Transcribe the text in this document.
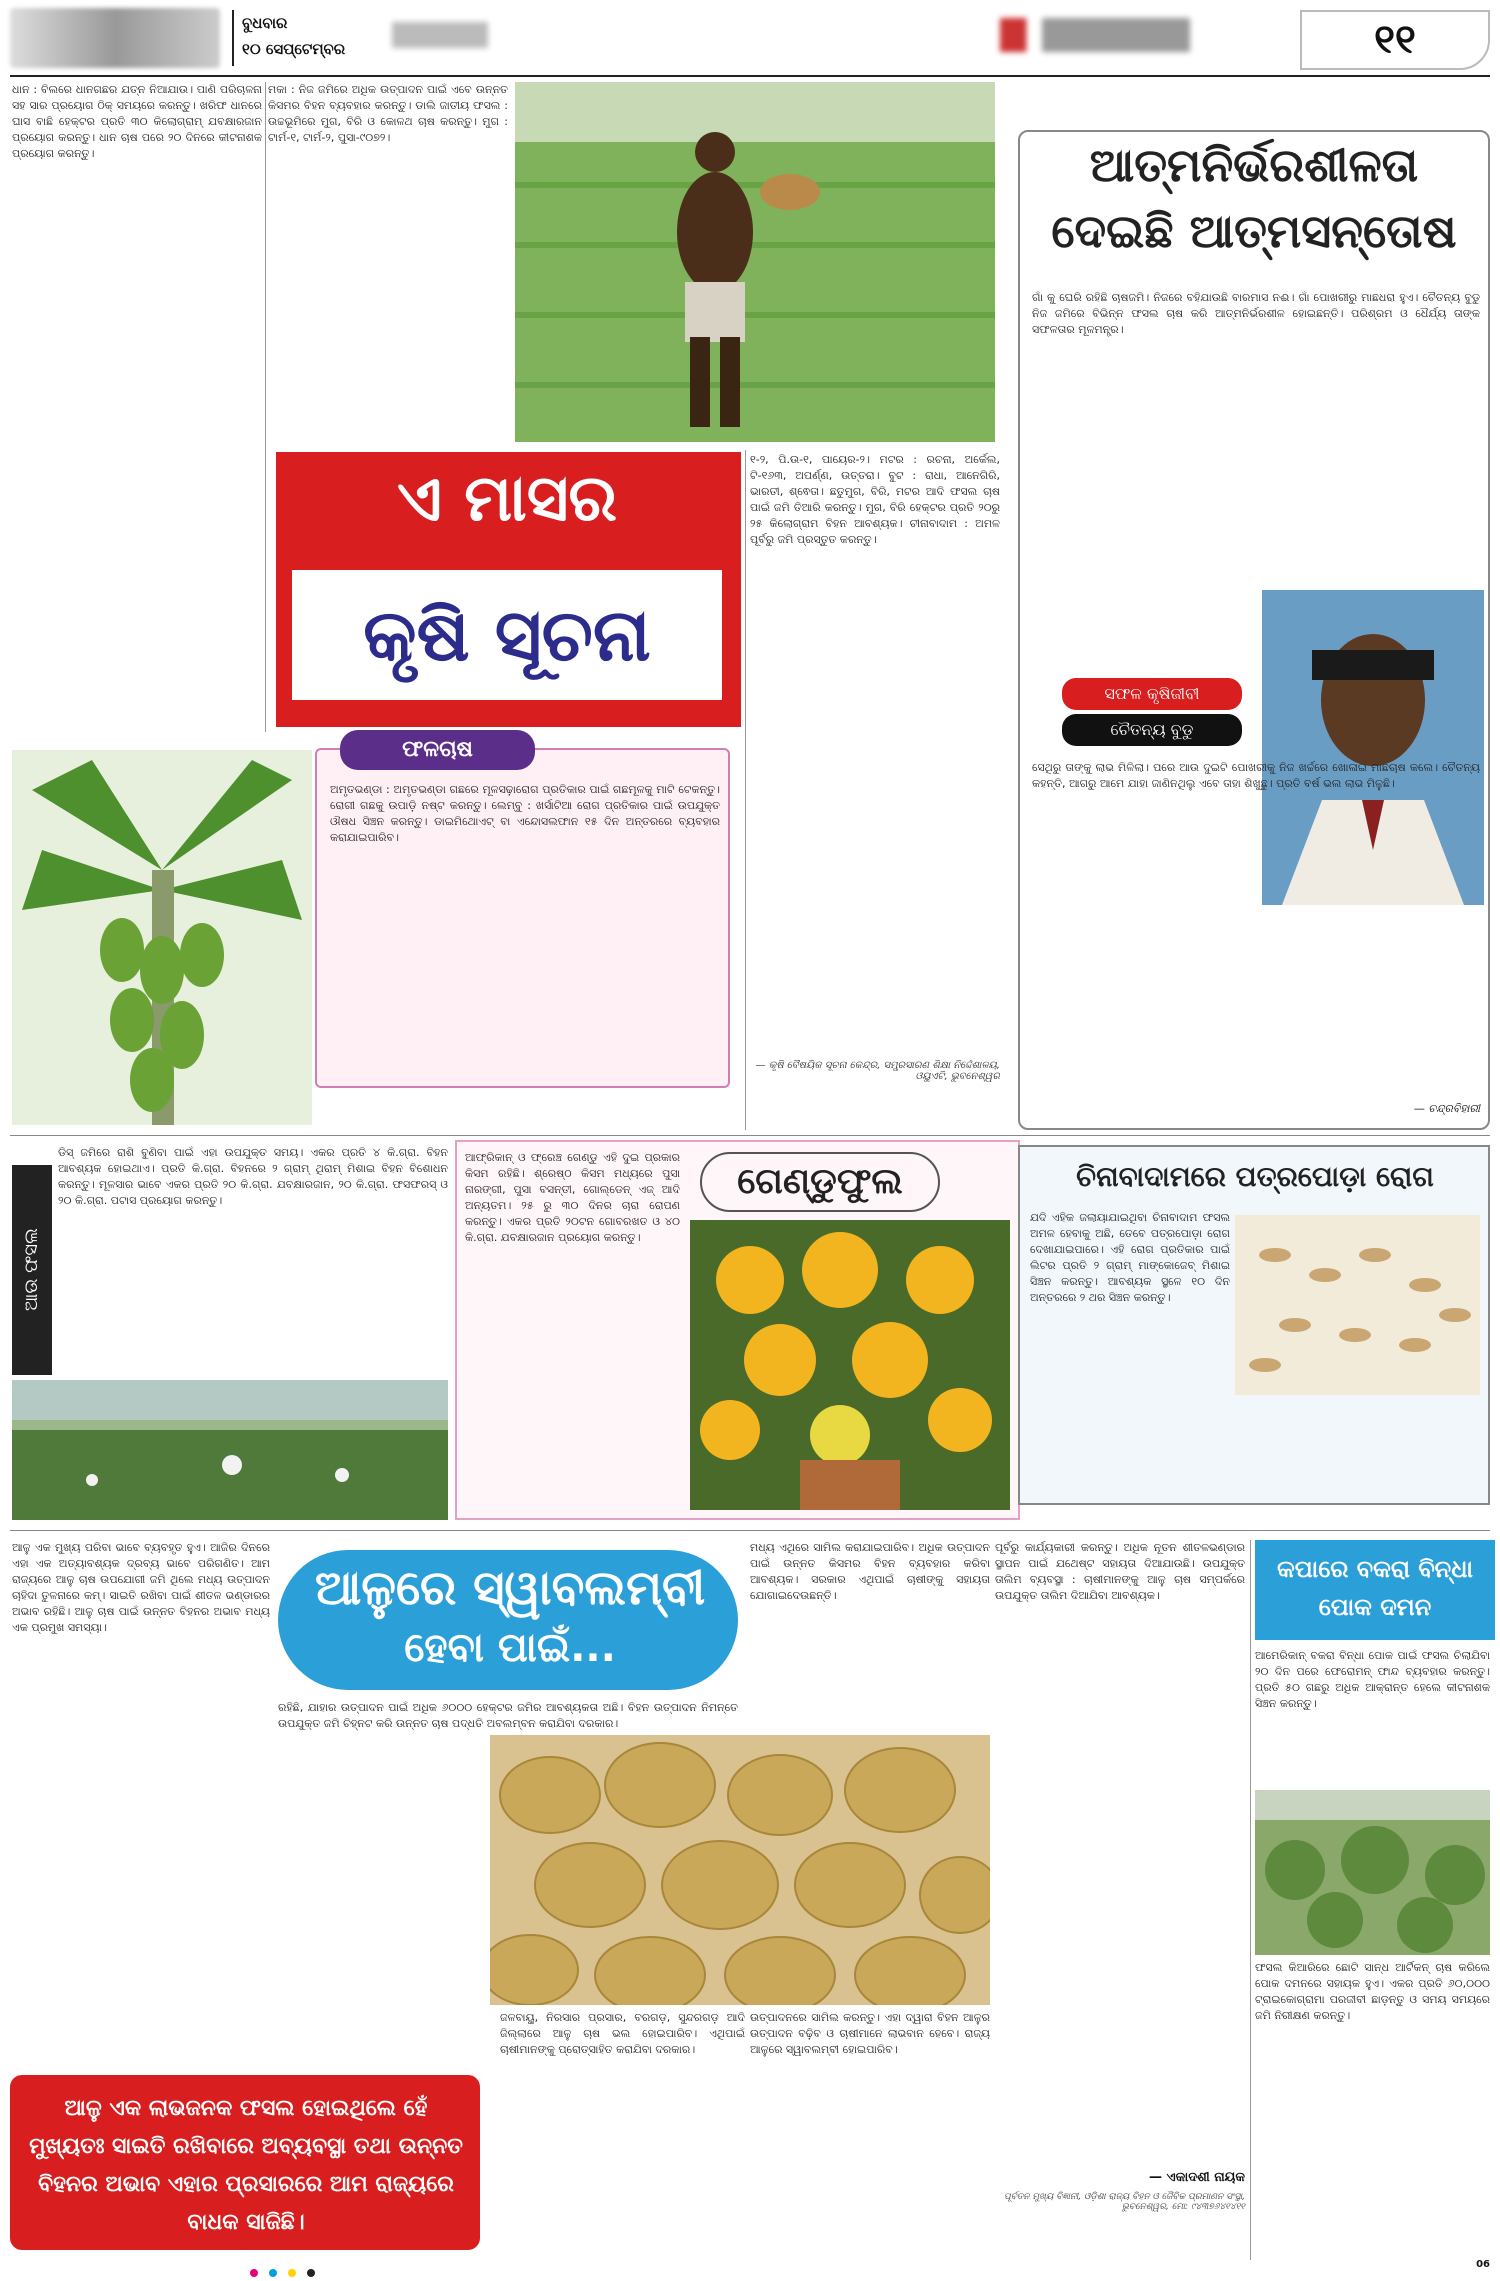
ବୁଧବାର
୧୦ ସେପ୍ଟେମ୍ବର	୧୧
ଧାନ : ବିଲରେ ଧାନଗଛର ଯତ୍ନ ନିଆଯାଉ। ପାଣି ପରିଚାଳନା ସହ ସାର ପ୍ରୟୋଗ ଠିକ୍ ସମୟରେ କରନ୍ତୁ। ଖରିଫ ଧାନରେ ଘାସ ବାଛି ହେକ୍ଟର ପ୍ରତି ୩୦ କିଲୋଗ୍ରାମ୍ ଯବକ୍ଷାରଜାନ ପ୍ରୟୋଗ କରନ୍ତୁ। ଧାନ ଚାଷ ପରେ ୨୦ ଦିନରେ କୀଟନାଶକ ପ୍ରୟୋଗ କରନ୍ତୁ।
ମକା : ନିଜ ଜମିରେ ଅଧିକ ଉତ୍ପାଦନ ପାଇଁ ଏବେ ଉନ୍ନତ କିସମର ବିହନ ବ୍ୟବହାର କରନ୍ତୁ। ଡାଲି ଜାତୀୟ ଫସଲ : ଉଚ୍ଚଭୂମିରେ ମୁଗ, ବିରି ଓ କୋଳଥ ଚାଷ କରନ୍ତୁ। ମୁଗ : ଟାର୍ମ-୧, ଟାର୍ମ-୨, ପୁସା-୯୦୭୨।
ଏ ମାସର
କୃଷି ସୂଚନା
୧-୨, ପି.ଉ-୧, ପାୟେର-୨। ମଟର : ରଚନା, ଅର୍କେଲ, ଟି-୧୬୩, ଅପର୍ଣ୍ଣ, ଉତ୍ତରା। ବୁଟ : ରାଧା, ଆନେଗିରି, ଭାରତୀ, ଶ୍ଵେତା। ଛତୁମୁଗ, ବିରି, ମଟର ଆଦି ଫସଲ ଚାଷ ପାଇଁ ଜମି ତିଆରି କରନ୍ତୁ। ମୁଗ, ବିରି ହେକ୍ଟର ପ୍ରତି ୨୦ରୁ ୨୫ କିଲୋଗ୍ରାମ ବିହନ ଆବଶ୍ୟକ। ଚୀନାବାଦାମ : ଅମଳ ପୂର୍ବରୁ ଜମି ପ୍ରସ୍ତୁତ କରନ୍ତୁ।
— କୃଷି ବୈଷୟିକ ସୂଚନା କେନ୍ଦ୍ର, ସମ୍ପ୍ରସାରଣ ଶିକ୍ଷା ନିର୍ଦ୍ଦେଶାଳୟ, ଓୟୁଏଟି, ଭୁବନେଶ୍ୱର
ଫଳଚାଷ
ଅମୃତଭଣ୍ଡା : ଅମୃତଭଣ୍ଡା ଗଛରେ ମୂଳସଢ଼ାରୋଗ ପ୍ରତିକାର ପାଇଁ ଗଛମୂଳକୁ ମାଟି ଟେକନ୍ତୁ। ରୋଗୀ ଗଛକୁ ଉପାଡ଼ି ନଷ୍ଟ କରନ୍ତୁ। ଲେମ୍ବୁ : ଖର୍ସାଟିଆ ରୋଗ ପ୍ରତିକାର ପାଇଁ ଉପଯୁକ୍ତ ଔଷଧ ସିଞ୍ଚନ କରନ୍ତୁ। ଡାଇମିଥୋଏଟ୍ ବା ଏନ୍ଦୋସଲଫାନ ୧୫ ଦିନ ଅନ୍ତରରେ ବ୍ୟବହାର କରାଯାଇପାରିବ।
ଆତ୍ମନିର୍ଭରଶୀଳତା ଦେଇଛି ଆତ୍ମସନ୍ତୋଷ
ଗାଁ କୁ ଘେରି ରହିଛି ଚାଷଜମି। ନିଜରେ ବହିଯାଉଛି ବାରମାସ ନଈ। ଗାଁ ପୋଖରୀରୁ ମାଛଧରା ହୁଏ। ଚୈତନ୍ୟ ବୁଡୁ ନିଜ ଜମିରେ ବିଭିନ୍ନ ଫସଲ ଚାଷ କରି ଆତ୍ମନିର୍ଭରଶୀଳ ହୋଇଛନ୍ତି। ପରିଶ୍ରମ ଓ ଧୈର୍ଯ୍ୟ ତାଙ୍କ ସଫଳତାର ମୂଳମନ୍ତ୍ର।
ସଫଳ କୃଷିଜୀବୀ
ଚୈତନ୍ୟ ବୁଡୁ
ସେଥିରୁ ତାଙ୍କୁ ଲାଭ ମିଳିଲା। ପରେ ଆଉ ଦୁଇଟି ପୋଖରୀକୁ ନିଜ ଖର୍ଚ୍ଚରେ ଖୋଳାଇ ମାଛଚାଷ କଲେ। ଚୈତନ୍ୟ କହନ୍ତି, ଆଗରୁ ଆମେ ଯାହା ଜାଣିନଥିଲୁ ଏବେ ତାହା ଶିଖୁଛୁ। ପ୍ରତି ବର୍ଷ ଭଲ ଲାଭ ମିଳୁଛି।
— ଚନ୍ଦ୍ରବିହାରୀ
ଆଉ ଫସଲ
ଡିସ୍ ଜମିରେ ରାଶି ବୁଣିବା ପାଇଁ ଏହା ଉପଯୁକ୍ତ ସମୟ। ଏକର ପ୍ରତି ୪ କି.ଗ୍ରା. ବିହନ ଆବଶ୍ୟକ ହୋଇଥାଏ। ପ୍ରତି କି.ଗ୍ରା. ବିହନରେ ୨ ଗ୍ରାମ୍ ଥିରାମ୍ ମିଶାଇ ବିହନ ବିଶୋଧନ କରନ୍ତୁ। ମୂଳସାର ଭାବେ ଏକର ପ୍ରତି ୨୦ କି.ଗ୍ରା. ଯବକ୍ଷାରଜାନ, ୨୦ କି.ଗ୍ରା. ଫସଫରସ୍ ଓ ୨୦ କି.ଗ୍ରା. ପଟାସ ପ୍ରୟୋଗ କରନ୍ତୁ।	ଗେଣ୍ଡୁଫୁଲ
ଆଫ୍ରିକାନ୍ ଓ ଫ୍ରେଞ୍ଚ ଗେଣ୍ଡୁ ଏହି ଦୁଇ ପ୍ରକାର କିସମ ରହିଛି। ଶ୍ରେଷ୍ଠ କିସମ ମଧ୍ୟରେ ପୁସା ନାରଙ୍ଗୀ, ପୁସା ବସନ୍ତୀ, ଗୋଲ୍ଡେନ୍ ଏଜ୍ ଆଦି ଅନ୍ୟତମ। ୨୫ ରୁ ୩୦ ଦିନର ଚାରା ରୋପଣ କରନ୍ତୁ। ଏକର ପ୍ରତି ୨୦ଟନ ଗୋବରଖତ ଓ ୪୦ କି.ଗ୍ରା. ଯବକ୍ଷାରଜାନ ପ୍ରୟୋଗ କରନ୍ତୁ।
ଚିନାବାଦାମରେ ପତ୍ରପୋଡ଼ା ରୋଗ
ଯଦି ଏହିକ ଜଲାୟାଯାଇଥିବା ଚିନାବାଦାମ ଫସଲ ଅମଳ ହେବାକୁ ଅଛି, ତେବେ ପତ୍ରପୋଡ଼ା ରୋଗ ଦେଖାଯାଇପାରେ। ଏହି ରୋଗ ପ୍ରତିକାର ପାଇଁ ଲିଟର ପ୍ରତି ୨ ଗ୍ରାମ୍ ମାଙ୍କୋଜେବ୍ ମିଶାଇ ସିଞ୍ଚନ କରନ୍ତୁ। ଆବଶ୍ୟକ ସ୍ଥଳେ ୧୦ ଦିନ ଅନ୍ତରରେ ୨ ଥର ସିଞ୍ଚନ କରନ୍ତୁ।
ଆଳୁ ଏକ ମୁଖ୍ୟ ପରିବା ଭାବେ ବ୍ୟବହୃତ ହୁଏ। ଆଜିର ଦିନରେ ଏହା ଏକ ଅତ୍ୟାବଶ୍ୟକ ଦ୍ରବ୍ୟ ଭାବେ ପରିଗଣିତ। ଆମ ରାଜ୍ୟରେ ଆଳୁ ଚାଷ ଉପଯୋଗୀ ଜମି ଥିଲେ ମଧ୍ୟ ଉତ୍ପାଦନ ଚାହିଦା ତୁଳନାରେ କମ୍। ସାଇତି ରଖିବା ପାଇଁ ଶୀତଳ ଭଣ୍ଡାରର ଅଭାବ ରହିଛି। ଆଳୁ ଚାଷ ପାଇଁ ଉନ୍ନତ ବିହନର ଅଭାବ ମଧ୍ୟ ଏକ ପ୍ରମୁଖ ସମସ୍ୟା।
ଆଳୁରେ ସ୍ୱାବଲମ୍ବୀ
ହେବା ପାଇଁ...
ମଧ୍ୟ ଏଥିରେ ସାମିଲ କରାଯାଇପାରିବ। ଅଧିକ ଉତ୍ପାଦନ ପାଇଁ ଉନ୍ନତ କିସମର ବିହନ ବ୍ୟବହାର କରିବା ଆବଶ୍ୟକ। ସରକାର ଏଥିପାଇଁ ଚାଷୀଙ୍କୁ ସହାୟତା ଯୋଗାଇଦେଉଛନ୍ତି।
ପୂର୍ବରୁ କାର୍ଯ୍ୟକାରୀ କରନ୍ତୁ। ଅଧିକ ନୂତନ ଶୀତଳଭଣ୍ଡାର ସ୍ଥାପନ ପାଇଁ ଯଥେଷ୍ଟ ସହାୟତା ଦିଆଯାଉଛି। ଉପଯୁକ୍ତ ତାଲିମ ବ୍ୟବସ୍ଥା : ଚାଷୀମାନଙ୍କୁ ଆଳୁ ଚାଷ ସମ୍ପର୍କରେ ଉପଯୁକ୍ତ ତାଲିମ ଦିଆଯିବା ଆବଶ୍ୟକ।
ରହିଛି, ଯାହାର ଉତ୍ପାଦନ ପାଇଁ ଅଧିକ ୬୦୦୦ ହେକ୍ଟର ଜମିର ଆବଶ୍ୟକତା ଅଛି। ବିହନ ଉତ୍ପାଦନ ନିମନ୍ତେ ଉପଯୁକ୍ତ ଜମି ଚିହ୍ନଟ କରି ଉନ୍ନତ ଚାଷ ପଦ୍ଧତି ଅବଲମ୍ବନ କରାଯିବା ଦରକାର।
ଜଳବାୟୁ, ନିରସାର ପ୍ରସାର, ବରଗଡ଼, ସୁନ୍ଦରଗଡ଼ ଆଦି ଜିଲ୍ଲାରେ ଆଳୁ ଚାଷ ଭଲ ହୋଇପାରିବ। ଏଥିପାଇଁ ଚାଷୀମାନଙ୍କୁ ପ୍ରୋତ୍ସାହିତ କରାଯିବା ଦରକାର।
ଉତ୍ପାଦନରେ ସାମିଲ କରନ୍ତୁ। ଏହା ଦ୍ୱାରା ବିହନ ଆଳୁର ଉତ୍ପାଦନ ବଢ଼ିବ ଓ ଚାଷୀମାନେ ଲାଭବାନ ହେବେ। ରାଜ୍ୟ ଆଳୁରେ ସ୍ୱାବଲମ୍ବୀ ହୋଇପାରିବ।
— ଏକାଦଶୀ ନାୟକ
ପୂର୍ବତନ ମୁଖ୍ୟ ବିଜ୍ଞାନୀ, ଓଡ଼ିଶା ରାଜ୍ୟ ବିହନ ଓ ଜୈବିକ ପ୍ରମାଣନ ସଂସ୍ଥା, ଭୁବନେଶ୍ୱର, ମୋ: ୯୪୩୭୬୪୧୪୧୧
ଆଳୁ ଏକ ଲାଭଜନକ ଫସଲ ହୋଇଥିଲେ ହେଁ ମୁଖ୍ୟତଃ ସାଇତି ରଖିବାରେ ଅବ୍ୟବସ୍ଥା ତଥା ଉନ୍ନତ ବିହନର ଅଭାବ ଏହାର ପ୍ରସାରରେ ଆମ ରାଜ୍ୟରେ ବାଧକ ସାଜିଛି।
କପାରେ ବକରା ବିନ୍ଧା ପୋକ ଦମନ
ଆମେରିକାନ୍ ବକରା ବିନ୍ଧା ପୋକ ପାଇଁ ଫସଲ ଚିଲାଯିବା ୨୦ ଦିନ ପରେ ଫେରୋମନ୍ ଫାନ୍ଦ ବ୍ୟବହାର କରନ୍ତୁ। ପ୍ରତି ୫୦ ଗଛରୁ ଅଧିକ ଆକ୍ରାନ୍ତ ହେଲେ କୀଟନାଶକ ସିଞ୍ଚନ କରନ୍ତୁ।
ଫସଲ କିଆରିରେ ଛୋଟି ସାନ୍ଧ ଆର୍ଟିକନ୍ ଚାଷ କରିଲେ ପୋକ ଦମନରେ ସହାୟକ ହୁଏ। ଏକର ପ୍ରତି ୬୦,୦୦୦ ଟ୍ରାଇକୋଗ୍ରାମା ପରଜୀବୀ ଛାଡ଼ନ୍ତୁ ଓ ସମୟ ସମୟରେ ଜମି ନିରୀକ୍ଷଣ କରନ୍ତୁ।

06
